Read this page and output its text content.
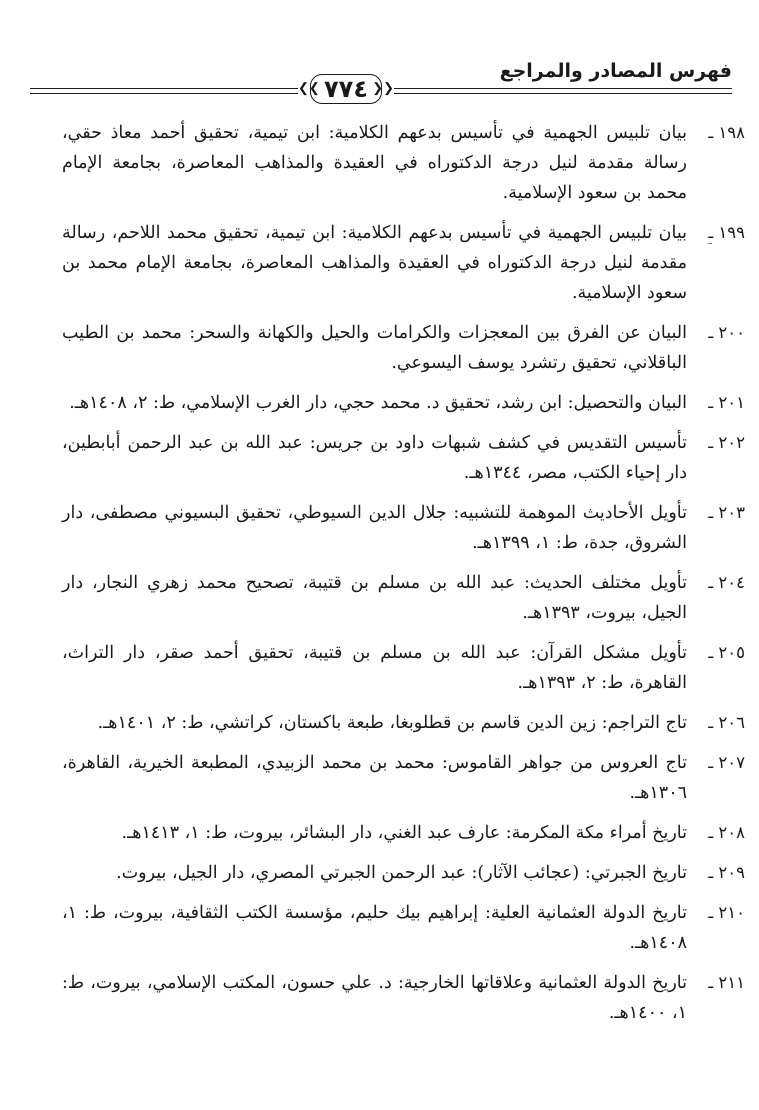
فهرس المصادر والمراجع
❮❮ ٧٧٤ ❯❯
١٩٨ ـ
بيان تلبيس الجهمية في تأسيس بدعهم الكلامية: ابن تيمية، تحقيق أحمد معاذ حقي، رسالة مقدمة لنيل درجة الدكتوراه في العقيدة والمذاهب المعاصرة، بجامعة الإمام محمد بن سعود الإسلامية.
١٩٩ ـ
بيان تلبيس الجهمية في تأسيس بدعهم الكلامية: ابن تيمية، تحقيق محمد اللاحم، رسالة مقدمة لنيل درجة الدكتوراه في العقيدة والمذاهب المعاصرة، بجامعة الإمام محمد بن سعود الإسلامية.
٢٠٠ ـ
البيان عن الفرق بين المعجزات والكرامات والحيل والكهانة والسحر: محمد بن الطيب الباقلاني، تحقيق رتشرد يوسف اليسوعي.
٢٠١ ـ
البيان والتحصيل: ابن رشد، تحقيق د. محمد حجي، دار الغرب الإسلامي، ط: ٢، ١٤٠٨هـ.
٢٠٢ ـ
تأسيس التقديس في كشف شبهات داود بن جريس: عبد الله بن عبد الرحمن أبابطين، دار إحياء الكتب، مصر، ١٣٤٤هـ.
٢٠٣ ـ
تأويل الأحاديث الموهمة للتشبيه: جلال الدين السيوطي، تحقيق البسيوني مصطفى، دار الشروق، جدة، ط: ١، ١٣٩٩هـ.
٢٠٤ ـ
تأويل مختلف الحديث: عبد الله بن مسلم بن قتيبة، تصحيح محمد زهري النجار، دار الجيل، بيروت، ١٣٩٣هـ.
٢٠٥ ـ
تأويل مشكل القرآن: عبد الله بن مسلم بن قتيبة، تحقيق أحمد صقر، دار التراث، القاهرة، ط: ٢، ١٣٩٣هـ.
٢٠٦ ـ
تاج التراجم: زين الدين قاسم بن قطلوبغا، طبعة باكستان، كراتشي، ط: ٢، ١٤٠١هـ.
٢٠٧ ـ
تاج العروس من جواهر القاموس: محمد بن محمد الزبيدي، المطبعة الخيرية، القاهرة، ١٣٠٦هـ.
٢٠٨ ـ
تاريخ أمراء مكة المكرمة: عارف عبد الغني، دار البشائر، بيروت، ط: ١، ١٤١٣هـ.
٢٠٩ ـ
تاريخ الجبرتي: (عجائب الآثار): عبد الرحمن الجبرتي المصري، دار الجيل، بيروت.
٢١٠ ـ
تاريخ الدولة العثمانية العلية: إبراهيم بيك حليم، مؤسسة الكتب الثقافية، بيروت، ط: ١، ١٤٠٨هـ.
٢١١ ـ
تاريخ الدولة العثمانية وعلاقاتها الخارجية: د. علي حسون، المكتب الإسلامي، بيروت، ط: ١، ١٤٠٠هـ.
